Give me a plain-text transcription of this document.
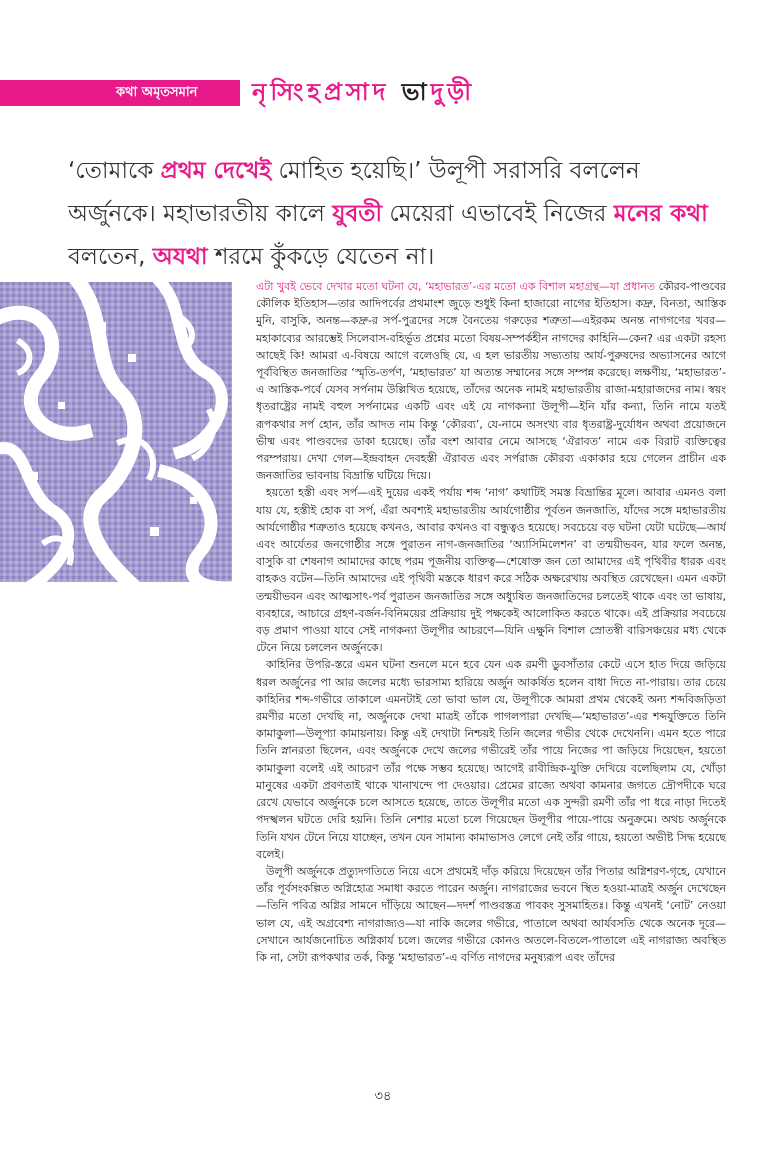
কথা অমৃতসমান নৃসিংহপ্রসাদ ভাদুড়ী
‘তোমাকে প্রথম দেখেই মোহিত হয়েছি।’ উলূপী সরাসরি বললেন অর্জুনকে। মহাভারতীয় কালে যুবতী মেয়েরা এভাবেই নিজের মনের কথা বলতেন, অযথা শরমে কুঁকড়ে যেতেন না।

এটা খুবই ভেবে দেখার মতো ঘটনা যে, ‘মহাভারত’-এর মতো এক বিশাল মহাগ্রন্থ—যা প্রধানত কৌরব-পাণ্ডবের কৌলিক ইতিহাস—তার আদিপর্বের প্রথমাংশ জুড়ে শুধুই কিনা হাজারো নাগের ইতিহাস। কদ্রু, বিনতা, আস্তিক মুনি, বাসুকি, অনন্ত—কদ্রু-র সর্প-পুত্রদের সঙ্গে বৈনতেয় গরুড়ের শত্রুতা—এইরকম অনন্ত নাগগণের খবর—মহাকাব্যের আরম্ভেই সিলেবাস-বহির্ভূত প্রশ্নের মতো বিষয়-সম্পর্কহীন নাগদের কাহিনি—কেন? এর একটা রহস্য আছেই কি! আমরা এ-বিষয়ে আগে বলেওছি যে, এ হল ভারতীয় সভ্যতায় আর্য-পুরুষদের অভ্যাসনের আগে পূর্ববিস্থিত জনজাতির ‘স্মৃতি-তর্পণ, ‘মহাভারত’ যা অত্যন্ত সম্মানের সঙ্গে সম্পন্ন করেছে। লক্ষণীয়, ‘মহাভারত’-এ আস্তিক-পর্বে যেসব সর্পনাম উল্লিখিত হয়েছে, তাঁদের অনেক নামই মহাভারতীয় রাজা-মহারাজদের নাম। স্বয়ং ধৃতরাষ্ট্রের নামই বহুল সর্পনামের একটি এবং এই যে নাগকন্যা উলূপী—ইনি যাঁর কন্যা, তিনি নামে যতই রূপকথার সর্প হোন, তাঁর আদত নাম কিন্তু ‘কৌরব্য’, যে-নামে অসংখ্য বার ধৃতরাষ্ট্র-দুর্যোধন অথবা প্রয়োজনে ভীষ্ম এবং পাণ্ডবদের ডাকা হয়েছে। তাঁর বংশ আবার নেমে আসছে ‘ঐরাবত’ নামে এক বিরাট ব্যক্তিত্বের পরম্পরায়। দেখা গেল—ইন্দ্রবাহন দেবহস্তী ঐরাবত এবং সর্পরাজ কৌরব্য একাকার হয়ে গেলেন প্রাচীন এক জনজাতির ভাবনায় বিভ্রান্তি ঘটিয়ে দিয়ে।

হয়তো হস্তী এবং সর্প—এই দুয়ের একই পর্যায় শব্দ ‘নাগ’ কথাটিই সমস্ত বিভ্রান্তির মূলে। আবার এমনও বলা যায় যে, হস্তীই হোক বা সর্প, এঁরা অবশ্যই মহাভারতীয় আর্যগোষ্ঠীর পূর্বতন জনজাতি, যাঁদের সঙ্গে মহাভারতীয় আর্যগোষ্ঠীর শত্রুতাও হয়েছে কখনও, আবার কখনও বা বন্ধুত্বও হয়েছে। সবচেয়ে বড় ঘটনা যেটা ঘটেছে—আর্য এবং আর্যেতর জনগোষ্ঠীর সঙ্গে পুরাতন নাগ-জনজাতির ‘অ্যাসিমিলেশন’ বা তন্ময়ীভবন, যার ফলে অনন্ত, বাসুকি বা শেষনাগ আমাদের কাছে পরম পূজনীয় ব্যক্তিত্ব—শেষোক্ত জন তো আমাদের এই পৃথিবীর ধারক এবং বাহকও বটেন—তিনি আমাদের এই পৃথিবী মস্তকে ধারণ করে সঠিক অক্ষরেখায় অবস্থিত রেখেছেন। এমন একটা তন্ময়ীভবন এবং আত্মসাৎ-পর্ব পুরাতন জনজাতির সঙ্গে অধ্যুষিত জনজাতিদের চলতেই থাকে এবং তা ভাষায়, ব্যবহারে, আচারে গ্রহণ-বর্জন-বিনিময়ের প্রক্রিয়ায় দুই পক্ষকেই আলোকিত করতে থাকে। এই প্রক্রিয়ার সবচেয়ে বড় প্রমাণ পাওয়া যাবে সেই নাগকন্যা উলূপীর আচরণে—যিনি এক্ষুনি বিশাল স্রোতস্বী বারিসঞ্চয়ের মধ্য থেকে টেনে নিয়ে চললেন অর্জুনকে।

কাহিনির উপরি-স্তরে এমন ঘটনা শুনলে মনে হবে যেন এক রমণী ডুবসাঁতার কেটে এসে হাত দিয়ে জড়িয়ে ধরল অর্জুনের পা আর জলের মধ্যে ভারসাম্য হারিয়ে অর্জুন আকর্ষিত হলেন বাধা দিতে না-পারায়। তার চেয়ে কাহিনির শব্দ-গভীরে তাকালে এমনটাই তো ভাবা ভাল যে, উলূপীকে আমরা প্রথম থেকেই অন্য শব্দবিজড়িতা রমণীর মতো দেখছি না, অর্জুনকে দেখা মাত্রই তাঁকে পাগলপারা দেখছি—‘মহাভারত’-এর শব্দযুক্তিতে তিনি কামাকুলা—উলূপ্যা কামায়নায়। কিন্তু এই দেখাটা নিশ্চয়ই তিনি জলের গভীর থেকে দেখেননি। এমন হতে পারে তিনি স্নানরতা ছিলেন, এবং অর্জুনকে দেখে জলের গভীরেই তাঁর পায়ে নিজের পা জড়িয়ে দিয়েছেন, হয়তো কামাকুলা বলেই এই আচরণ তাঁর পক্ষে সম্ভব হয়েছে। আগেই রাবীন্দ্রিক-যুক্তি দেখিয়ে বলেছিলাম যে, খোঁড়া মানুষের একটা প্রবণতাই থাকে খানাখন্দে পা দেওয়ার। প্রেমের রাজ্যে অথবা কামনার জগতে দ্রৌপদীকে ঘরে রেখে যেভাবে অর্জুনকে চলে আসতে হয়েছে, তাতে উলূপীর মতো এক সুন্দরী রমণী তাঁর পা ধরে নাড়া দিতেই পদস্খলন ঘটতে দেরি হয়নি। তিনি নেশার মতো চলে গিয়েছেন উলূপীর পায়ে-পায়ে অনুক্রমে। অথচ অর্জুনকে তিনি যখন টেনে নিয়ে যাচ্ছেন, তখন যেন সামান্য কামাভাসও লেগে নেই তাঁর গায়ে, হয়তো অভীষ্ট সিদ্ধ হয়েছে বলেই।

উলূপী অর্জুনকে প্রত্যুদগতিতে নিয়ে এসে প্রথমেই দাঁড় করিয়ে দিয়েছেন তাঁর পিতার অগ্নিশরণ-গৃহে, যেখানে তাঁর পূর্বসংকল্পিত অগ্নিহোত্র সমাধা করতে পারেন অর্জুন। নাগরাজের ভবনে স্থিত হওয়া-মাত্রই অর্জুন দেখেছেন—তিনি পবিত্র অগ্নির সামনে দাঁড়িয়ে আছেন—দদর্শ পাণ্ডবস্তত্র পাবকং সুসমাহিতঃ। কিন্তু এখনই ‘নোট’ নেওয়া ভাল যে, এই অগ্রবেশ্য নাগরাজ্যও—যা নাকি জলের গভীরে, পাতালে অথবা আর্যবসতি থেকে অনেক দূরে—সেখানে আর্যজনোচিত অগ্নিকার্য চলে। জলের গভীরে কোনও অতলে-বিতলে-পাতালে এই নাগরাজ্য অবস্থিত কি না, সেটা রূপকথার তর্ক, কিন্তু ‘মহাভারত’-এ বর্ণিত নাগদের মনুষ্যরূপ এবং তাঁদের

৩৪
